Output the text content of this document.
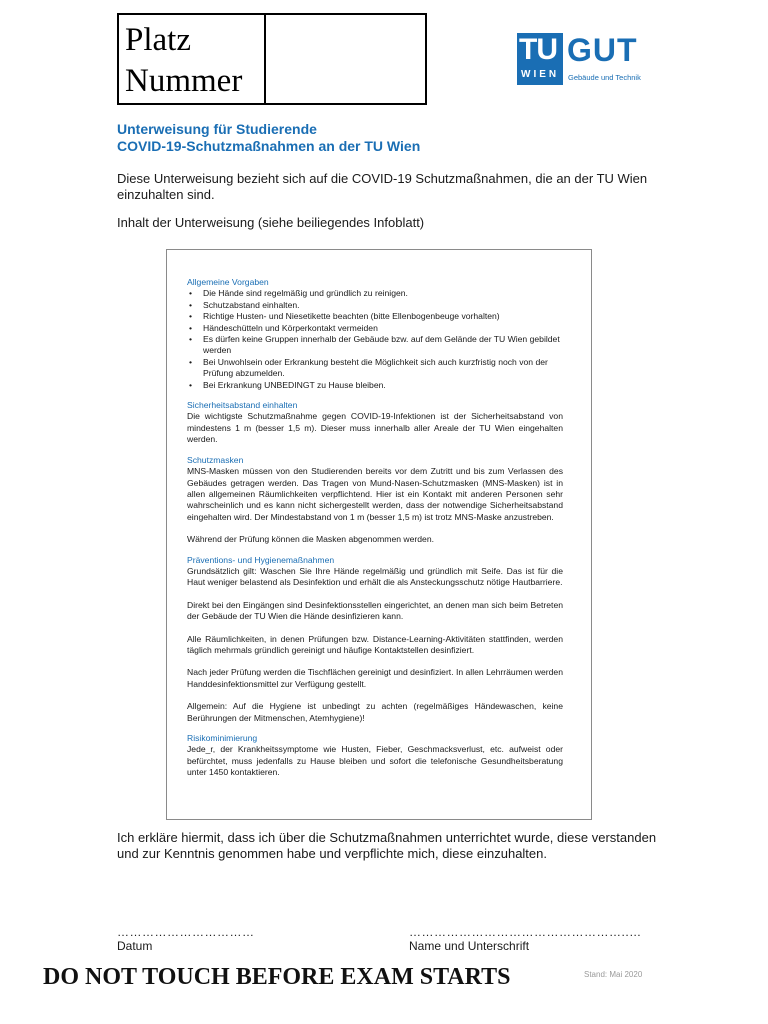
Platz
Nummer
TU
WIEN
GUT
Gebäude und Technik
Unterweisung für Studierende
COVID-19-Schutzmaßnahmen an der TU Wien
Diese Unterweisung bezieht sich auf die COVID-19 Schutzmaßnahmen, die an der TU Wien einzuhalten sind.
Inhalt der Unterweisung (siehe beiliegendes Infoblatt)

Allgemeine Vorgaben

• Die Hände sind regelmäßig und gründlich zu reinigen.
• Schutzabstand einhalten.
• Richtige Husten- und Niesetikette beachten (bitte Ellenbogenbeuge vorhalten)
• Händeschütteln und Körperkontakt vermeiden
• Es dürfen keine Gruppen innerhalb der Gebäude bzw. auf dem Gelände der TU Wien gebildet werden
• Bei Unwohlsein oder Erkrankung besteht die Möglichkeit sich auch kurzfristig noch von der Prüfung abzumelden.
• Bei Erkrankung UNBEDINGT zu Hause bleiben.

Sicherheitsabstand einhalten

Die wichtigste Schutzmaßnahme gegen COVID-19-Infektionen ist der Sicherheitsabstand von mindestens 1 m (besser 1,5 m). Dieser muss innerhalb aller Areale der TU Wien eingehalten werden.

Schutzmasken

MNS-Masken müssen von den Studierenden bereits vor dem Zutritt und bis zum Verlassen des Gebäudes getragen werden. Das Tragen von Mund-Nasen-Schutzmasken (MNS-Masken) ist in allen allgemeinen Räumlichkeiten verpflichtend. Hier ist ein Kontakt mit anderen Personen sehr wahrscheinlich und es kann nicht sichergestellt werden, dass der notwendige Sicherheitsabstand eingehalten wird. Der Mindestabstand von 1 m (besser 1,5 m) ist trotz MNS-Maske anzustreben.

Während der Prüfung können die Masken abgenommen werden.

Präventions- und Hygienemaßnahmen

Grundsätzlich gilt: Waschen Sie Ihre Hände regelmäßig und gründlich mit Seife. Das ist für die Haut weniger belastend als Desinfektion und erhält die als Ansteckungsschutz nötige Hautbarriere.

Direkt bei den Eingängen sind Desinfektionsstellen eingerichtet, an denen man sich beim Betreten der Gebäude der TU Wien die Hände desinfizieren kann.

Alle Räumlichkeiten, in denen Prüfungen bzw. Distance-Learning-Aktivitäten stattfinden, werden täglich mehrmals gründlich gereinigt und häufige Kontaktstellen desinfiziert.

Nach jeder Prüfung werden die Tischflächen gereinigt und desinfiziert. In allen Lehrräumen werden Handdesinfektionsmittel zur Verfügung gestellt.

Allgemein: Auf die Hygiene ist unbedingt zu achten (regelmäßiges Händewaschen, keine Berührungen der Mitmenschen, Atemhygiene)!

Risikominimierung

Jede_r, der Krankheitssymptome wie Husten, Fieber, Geschmacksverlust, etc. aufweist oder befürchtet, muss jedenfalls zu Hause bleiben und sofort die telefonische Gesundheitsberatung unter 1450 kontaktieren.

Ich erkläre hiermit, dass ich über die Schutzmaßnahmen unterrichtet wurde, diese verstanden und zur Kenntnis genommen habe und verpflichte mich, diese einzuhalten.
……………………………
Datum
……………………………………………..…
Name und Unterschrift
DO NOT TOUCH BEFORE EXAM STARTS	Stand: Mai 2020
